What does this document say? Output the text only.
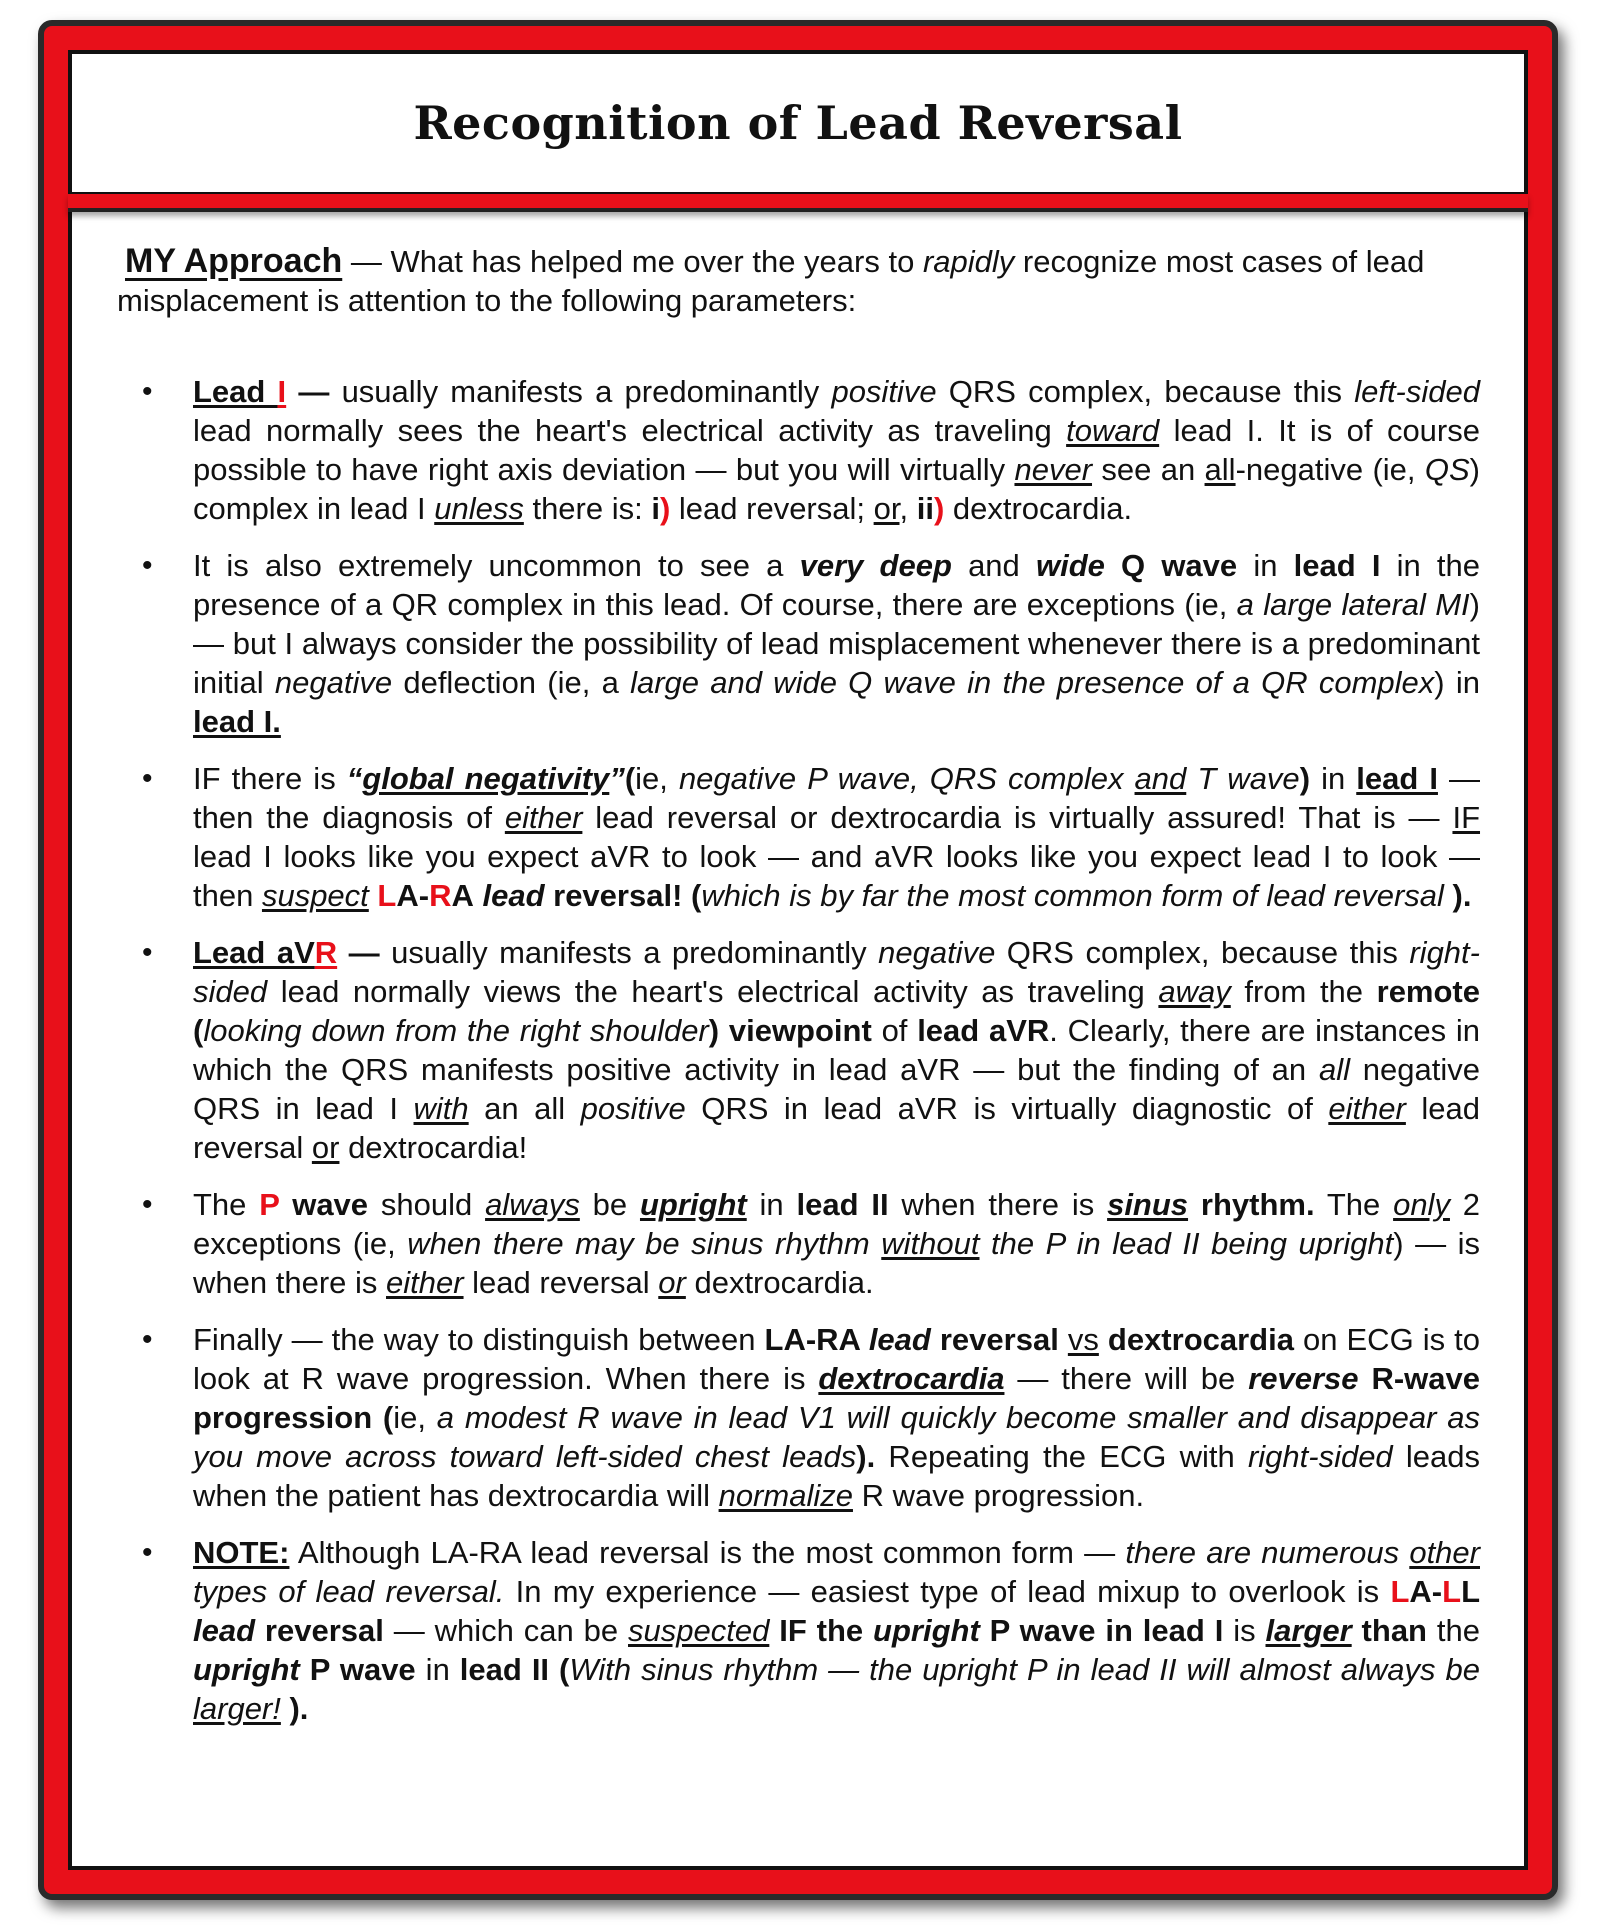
Recognition of Lead Reversal

MY Approach — What has helped me over the years to rapidly recognize most cases of lead misplacement is attention to the following parameters:

• Lead I — usually manifests a predominantly positive QRS complex, because this left-sided lead normally sees the heart's electrical activity as traveling toward lead I. It is of course possible to have right axis deviation — but you will virtually never see an all-negative (ie, QS) complex in lead I unless there is: i) lead reversal; or, ii) dextrocardia.
• It is also extremely uncommon to see a very deep and wide Q wave in lead I in the presence of a QR complex in this lead. Of course, there are exceptions (ie, a large lateral MI) — but I always consider the possibility of lead misplacement whenever there is a predominant initial negative deflection (ie, a large and wide Q wave in the presence of a QR complex) in lead I.
• IF there is “global negativity”(ie, negative P wave, QRS complex and T wave) in lead I — then the diagnosis of either lead reversal or dextrocardia is virtually assured! That is — IF lead I looks like you expect aVR to look — and aVR looks like you expect lead I to look — then suspect LA-RA lead reversal! (which is by far the most common form of lead reversal ).
• Lead aVR — usually manifests a predominantly negative QRS complex, because this right-sided lead normally views the heart's electrical activity as traveling away from the remote (looking down from the right shoulder) viewpoint of lead aVR. Clearly, there are instances in which the QRS manifests positive activity in lead aVR — but the finding of an all negative QRS in lead I with an all positive QRS in lead aVR is virtually diagnostic of either lead reversal or dextrocardia!
• The P wave should always be upright in lead II when there is sinus rhythm. The only 2 exceptions (ie, when there may be sinus rhythm without the P in lead II being upright) — is when there is either lead reversal or dextrocardia.
• Finally — the way to distinguish between LA-RA lead reversal vs dextrocardia on ECG is to look at R wave progression. When there is dextrocardia — there will be reverse R-wave progression (ie, a modest R wave in lead V1 will quickly become smaller and disappear as you move across toward left-sided chest leads). Repeating the ECG with right-sided leads when the patient has dextrocardia will normalize R wave progression.
• NOTE: Although LA-RA lead reversal is the most common form — there are numerous other types of lead reversal. In my experience — easiest type of lead mixup to overlook is LA-LL lead reversal — which can be suspected IF the upright P wave in lead I is larger than the upright P wave in lead II (With sinus rhythm — the upright P in lead II will almost always be larger! ).
